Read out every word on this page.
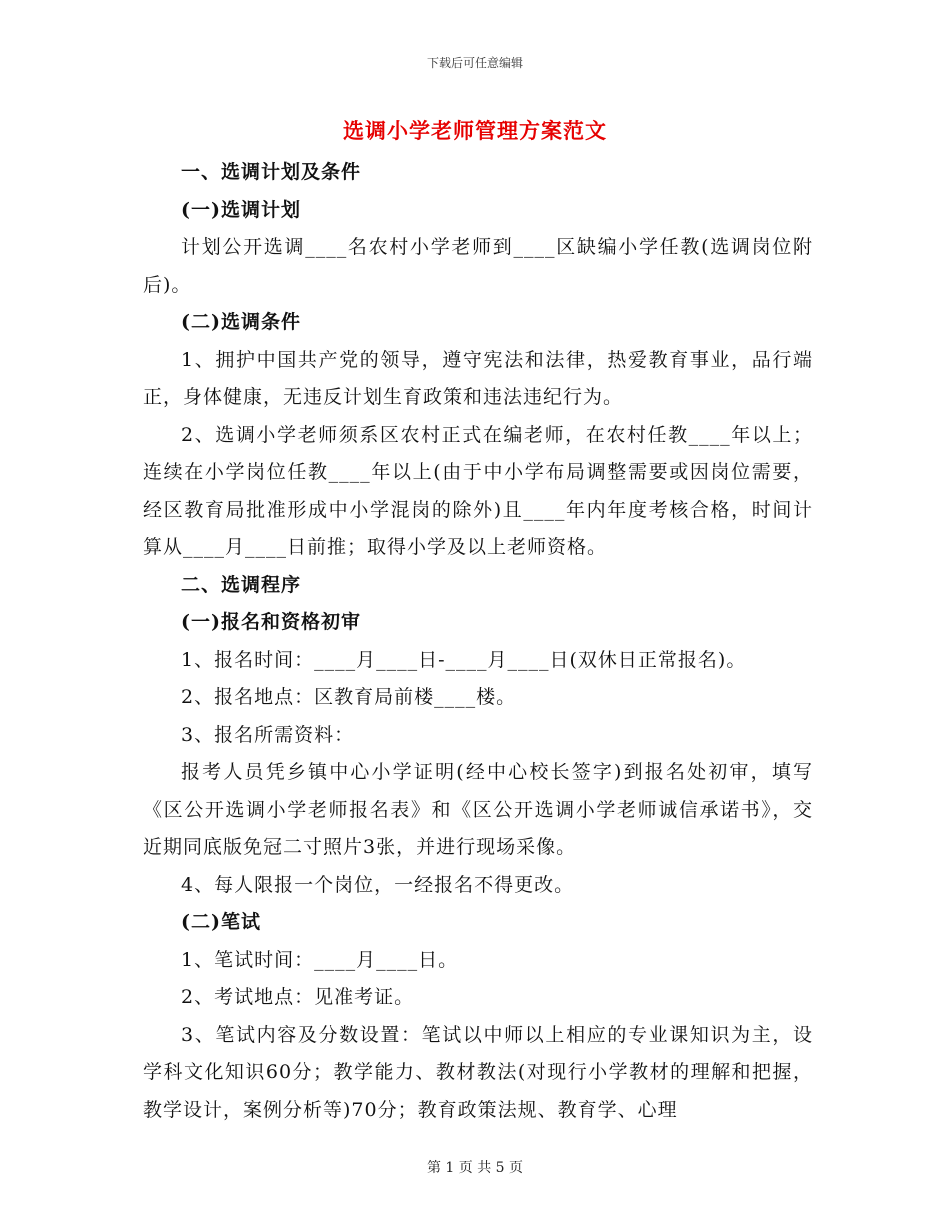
下载后可任意编辑
选调小学老师管理方案范文

一、选调计划及条件

(一)选调计划

计划公开选调____名农村小学老师到____区缺编小学任教(选调岗位附后)。

(二)选调条件

1、拥护中国共产党的领导，遵守宪法和法律，热爱教育事业，品行端正，身体健康，无违反计划生育政策和违法违纪行为。

2、选调小学老师须系区农村正式在编老师，在农村任教____年以上；连续在小学岗位任教____年以上(由于中小学布局调整需要或因岗位需要，经区教育局批准形成中小学混岗的除外)且____年内年度考核合格，时间计算从____月____日前推；取得小学及以上老师资格。

二、选调程序

(一)报名和资格初审

1、报名时间：____月____日-____月____日(双休日正常报名)。

2、报名地点：区教育局前楼____楼。

3、报名所需资料：

报考人员凭乡镇中心小学证明(经中心校长签字)到报名处初审，填写《区公开选调小学老师报名表》和《区公开选调小学老师诚信承诺书》，交近期同底版免冠二寸照片3张，并进行现场采像。

4、每人限报一个岗位，一经报名不得更改。

(二)笔试

1、笔试时间：____月____日。

2、考试地点：见准考证。

3、笔试内容及分数设置：笔试以中师以上相应的专业课知识为主，设学科文化知识60分；教学能力、教材教法(对现行小学教材的理解和把握，教学设计，案例分析等)70分；教育政策法规、教育学、心理

第 1 页 共 5 页
